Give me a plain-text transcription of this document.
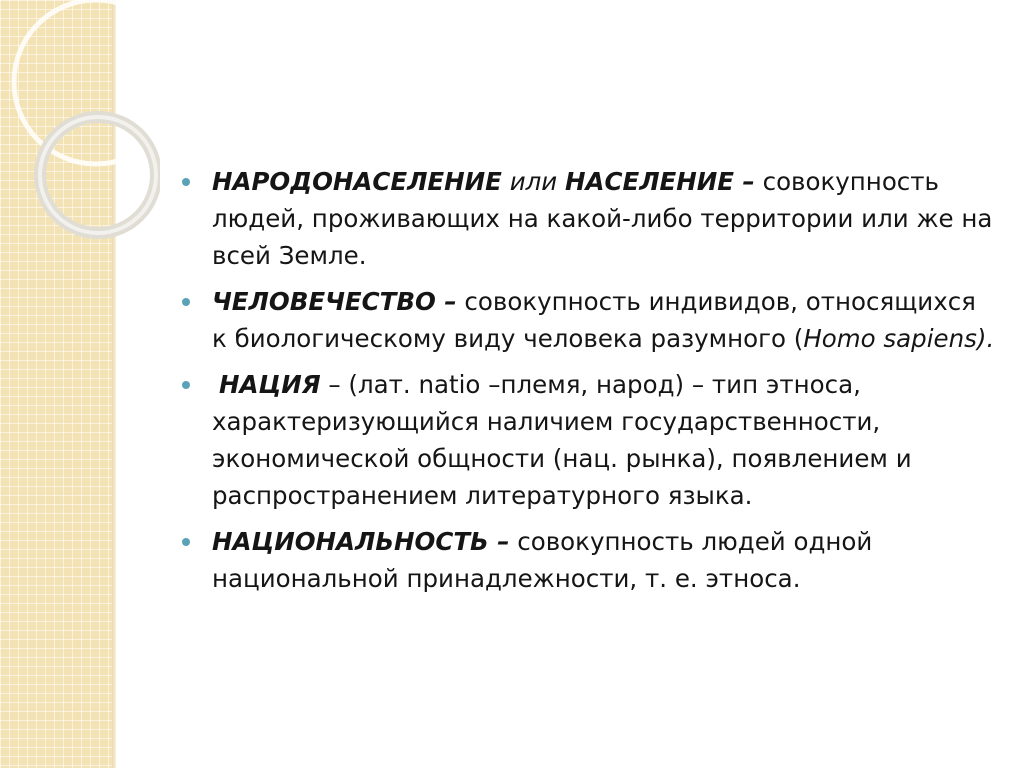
НАРОДОНАСЕЛЕНИЕ или НАСЕЛЕНИЕ – совокупность людей, проживающих на какой-либо территории или же на всей Земле.
ЧЕЛОВЕЧЕСТВО – совокупность индивидов, относящихся к биологическому виду человека разумного (Homo sapiens).
НАЦИЯ – (лат. natio –племя, народ) – тип этноса, характеризующийся наличием государственности, экономической общности (нац. рынка), появлением и распространением литературного языка.
НАЦИОНАЛЬНОСТЬ – совокупность людей одной национальной принадлежности, т. е. этноса.
